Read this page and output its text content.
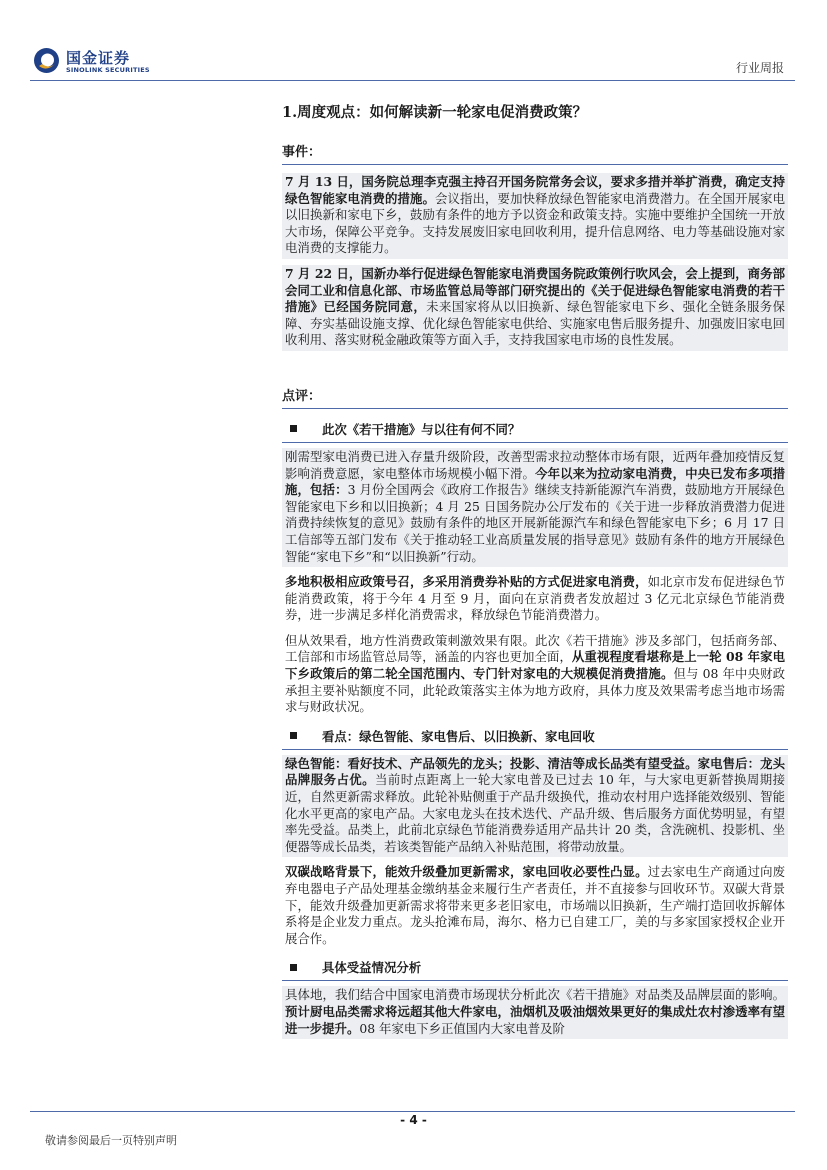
国金证券
SINOLINK SECURITIES	行业周报
1.周度观点：如何解读新一轮家电促消费政策？
事件：
7 月 13 日，国务院总理李克强主持召开国务院常务会议，要求多措并举扩消费，确定支持绿色智能家电消费的措施。会议指出，要加快释放绿色智能家电消费潜力。在全国开展家电以旧换新和家电下乡，鼓励有条件的地方予以资金和政策支持。实施中要维护全国统一开放大市场，保障公平竞争。支持发展废旧家电回收利用，提升信息网络、电力等基础设施对家电消费的支撑能力。
7 月 22 日，国新办举行促进绿色智能家电消费国务院政策例行吹风会，会上提到，商务部会同工业和信息化部、市场监管总局等部门研究提出的《关于促进绿色智能家电消费的若干措施》已经国务院同意，未来国家将从以旧换新、绿色智能家电下乡、强化全链条服务保障、夯实基础设施支撑、优化绿色智能家电供给、实施家电售后服务提升、加强废旧家电回收利用、落实财税金融政策等方面入手，支持我国家电市场的良性发展。
点评：
此次《若干措施》与以往有何不同？
刚需型家电消费已进入存量升级阶段，改善型需求拉动整体市场有限，近两年叠加疫情反复影响消费意愿，家电整体市场规模小幅下滑。今年以来为拉动家电消费，中央已发布多项措施，包括：3 月份全国两会《政府工作报告》继续支持新能源汽车消费，鼓励地方开展绿色智能家电下乡和以旧换新；4 月 25 日国务院办公厅发布的《关于进一步释放消费潜力促进消费持续恢复的意见》鼓励有条件的地区开展新能源汽车和绿色智能家电下乡；6 月 17 日工信部等五部门发布《关于推动轻工业高质量发展的指导意见》鼓励有条件的地方开展绿色智能“家电下乡”和“以旧换新”行动。
多地积极相应政策号召，多采用消费券补贴的方式促进家电消费，如北京市发布促进绿色节能消费政策，将于今年 4 月至 9 月，面向在京消费者发放超过 3 亿元北京绿色节能消费券，进一步满足多样化消费需求，释放绿色节能消费潜力。
但从效果看，地方性消费政策刺激效果有限。此次《若干措施》涉及多部门，包括商务部、工信部和市场监管总局等，涵盖的内容也更加全面，从重视程度看堪称是上一轮 08 年家电下乡政策后的第二轮全国范围内、专门针对家电的大规模促消费措施。但与 08 年中央财政承担主要补贴额度不同，此轮政策落实主体为地方政府，具体力度及效果需考虑当地市场需求与财政状况。
看点：绿色智能、家电售后、以旧换新、家电回收
绿色智能：看好技术、产品领先的龙头；投影、清洁等成长品类有望受益。家电售后：龙头品牌服务占优。当前时点距离上一轮大家电普及已过去 10 年，与大家电更新替换周期接近，自然更新需求释放。此轮补贴侧重于产品升级换代，推动农村用户选择能效级别、智能化水平更高的家电产品。大家电龙头在技术迭代、产品升级、售后服务方面优势明显，有望率先受益。品类上，此前北京绿色节能消费券适用产品共计 20 类，含洗碗机、投影机、坐便器等成长品类，若该类智能产品纳入补贴范围，将带动放量。
双碳战略背景下，能效升级叠加更新需求，家电回收必要性凸显。过去家电生产商通过向废弃电器电子产品处理基金缴纳基金来履行生产者责任，并不直接参与回收环节。双碳大背景下，能效升级叠加更新需求将带来更多老旧家电，市场端以旧换新，生产端打造回收拆解体系将是企业发力重点。龙头抢滩布局，海尔、格力已自建工厂，美的与多家国家授权企业开展合作。
具体受益情况分析
具体地，我们结合中国家电消费市场现状分析此次《若干措施》对品类及品牌层面的影响。预计厨电品类需求将远超其他大件家电，油烟机及吸油烟效果更好的集成灶农村渗透率有望进一步提升。08 年家电下乡正值国内大家电普及阶
- 4 -
敬请参阅最后一页特别声明
